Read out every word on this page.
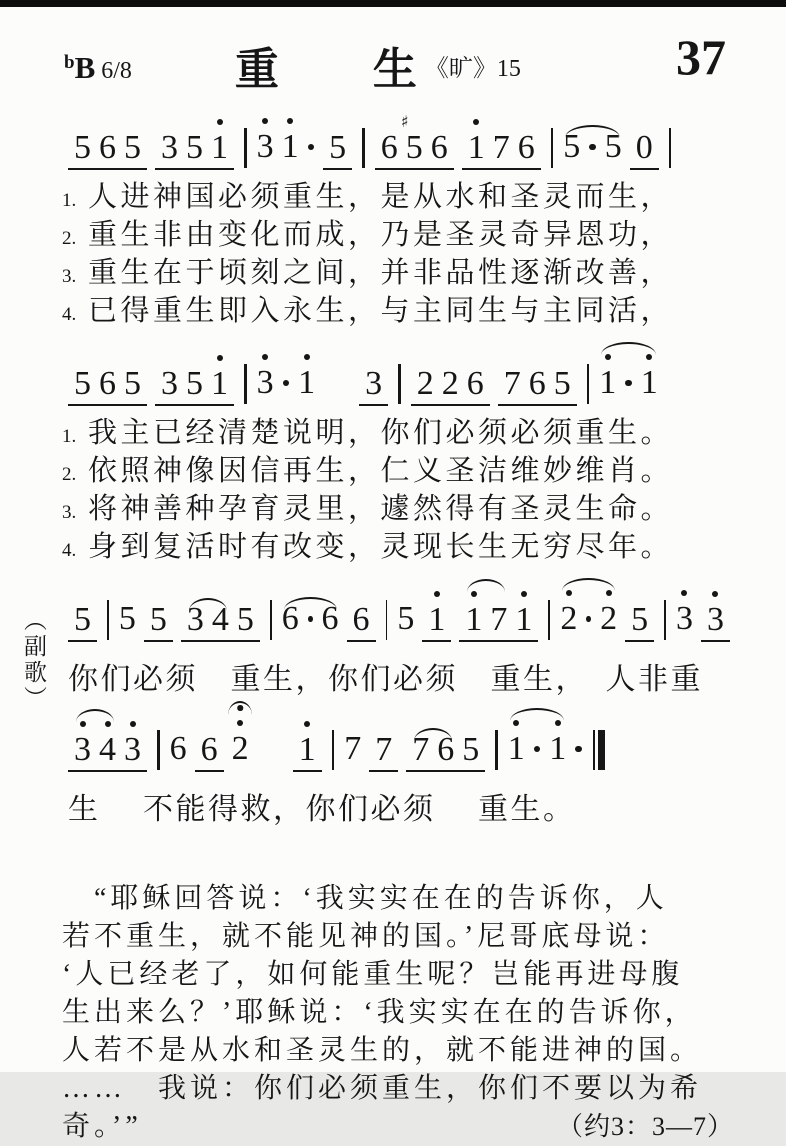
$^b$B 6/8 重　　生 《旷》15	37
5 6 5 3 5 1 3 1 5 6 5
♯
6 1 7 6 5 5 0
1. 人进神国必须重生，是从水和圣灵而生，
2. 重生非由变化而成，乃是圣灵奇异恩功，
3. 重生在于顷刻之间，并非品性逐渐改善，
4. 已得重生即入永生，与主同生与主同活，
5 6 5 3 5 1 3 1 3 2 2 6 7 6 5 1 1
1. 我主已经清楚说明，你们必须必须重生。
2. 依照神像因信再生，仁义圣洁维妙维肖。
3. 将神善种孕育灵里，遽然得有圣灵生命。
4. 身到复活时有改变，灵现长生无穷尽年。
（副歌） 5 5 5 3 4 5 6 6 6 5 1 1 7 1 2 2 5 3 3
你们必须　重生，你们必须　重生，　人非重
3 4 3 6 6 2 1 7 7 7 6 5 1 1
生　 不能得救，你们必须　 重生。
“耶稣回答说：‘我实实在在的告诉你，人
若不重生，就不能见神的国。’尼哥底母说：
‘人已经老了，如何能重生呢？岂能再进母腹
生出来么？’耶稣说：‘我实实在在的告诉你，
人若不是从水和圣灵生的，就不能进神的国。
……　我说：你们必须重生，你们不要以为希
奇。’”	（约3：3—7）
